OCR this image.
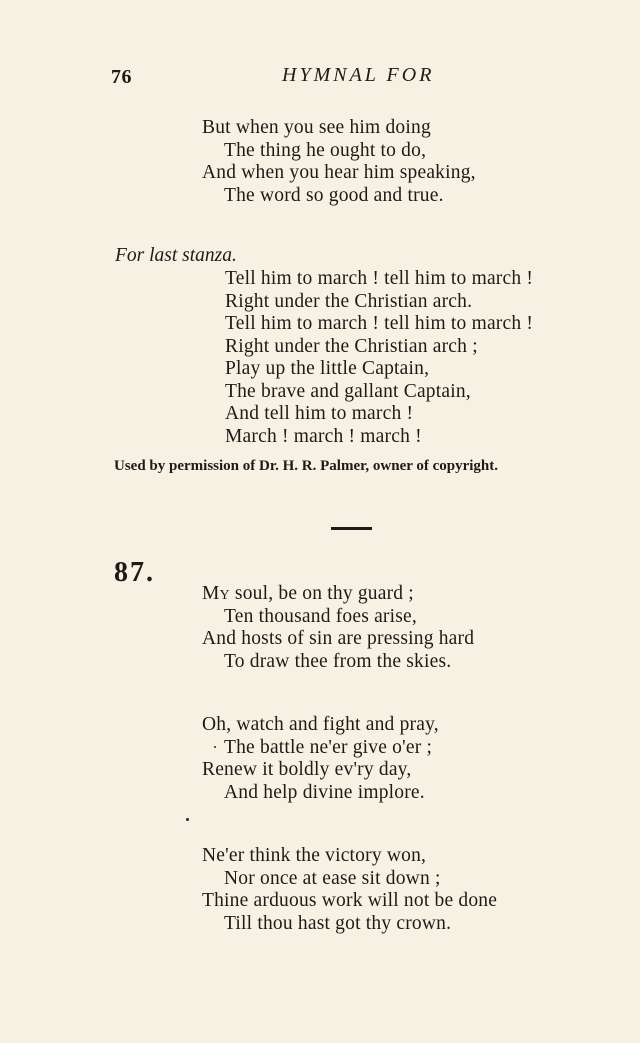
76	HYMNAL FOR
But when you see him doing
The thing he ought to do,
And when you hear him speaking,
The word so good and true.
For last stanza.
Tell him to march ! tell him to march !
Right under the Christian arch.
Tell him to march ! tell him to march !
Right under the Christian arch ;
Play up the little Captain,
The brave and gallant Captain,
And tell him to march !
March ! march ! march !
Used by permission of Dr. H. R. Palmer, owner of copyright.
87.
My soul, be on thy guard ;
Ten thousand foes arise,
And hosts of sin are pressing hard
To draw thee from the skies.
Oh, watch and fight and pray,
The battle ne'er give o'er ;
Renew it boldly ev'ry day,
And help divine implore.
Ne'er think the victory won,
Nor once at ease sit down ;
Thine arduous work will not be done
Till thou hast got thy crown.
